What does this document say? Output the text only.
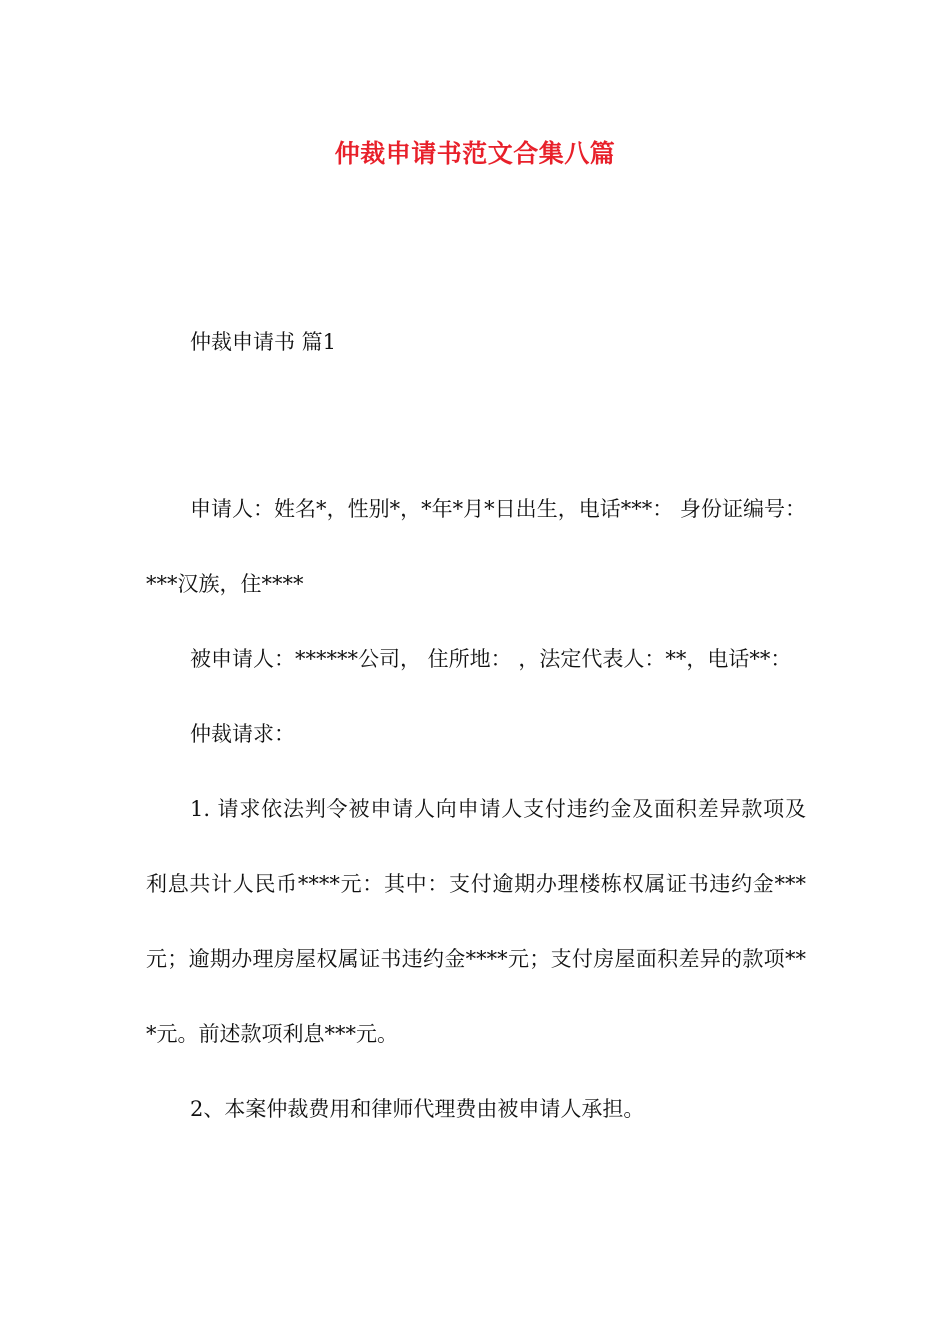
仲裁申请书范文合集八篇
仲裁申请书 篇1

申请人：姓名*，性别*，*年*月*日出生，电话***： 身份证编号：***汉族，住****

被申请人：******公司， 住所地： ，法定代表人：**，电话**：

仲裁请求：

1. 请求依法判令被申请人向申请人支付违约金及面积差异款项及 利息共计人民币****元：其中：支付逾期办理楼栋权属证书违约金***元；逾期办理房屋权属证书违约金****元；支付房屋面积差异的款项***元。前述款项利息***元。

2、本案仲裁费用和律师代理费由被申请人承担。
